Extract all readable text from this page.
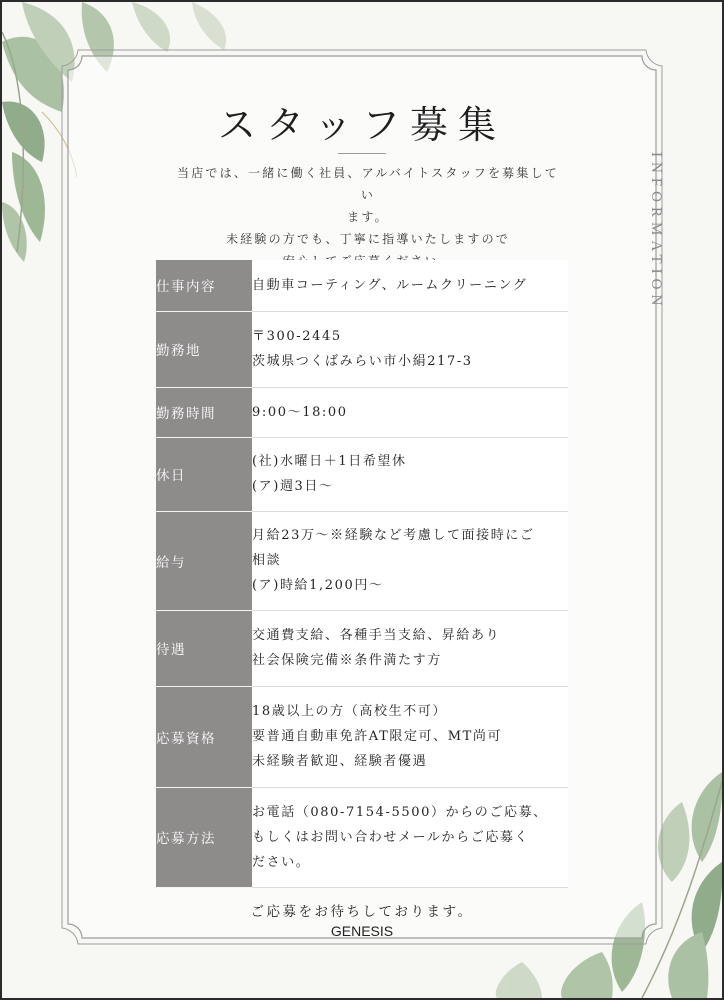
スタッフ募集
当店では、一緒に働く社員、アルバイトスタッフを募集してい
ます。
未経験の方でも、丁寧に指導いたしますので	INFORMATION
仕事内容	自動車コーティング、ルームクリーニング

勤務地	〒300-2445
茨城県つくばみらい市小絹217-3

勤務時間	9:00〜18:00

休日	(社)水曜日＋1日希望休
(ア)週3日〜

給与	月給23万〜※経験など考慮して面接時にご
相談
(ア)時給1,200円〜

待遇	交通費支給、各種手当支給、昇給あり
社会保険完備※条件満たす方

応募資格	18歳以上の方（高校生不可）
要普通自動車免許AT限定可、MT尚可
未経験者歓迎、経験者優遇

応募方法	お電話（080-7154-5500）からのご応募、
もしくはお問い合わせメールからご応募く
ださい。
ご応募をお待ちしております。
GENESIS
